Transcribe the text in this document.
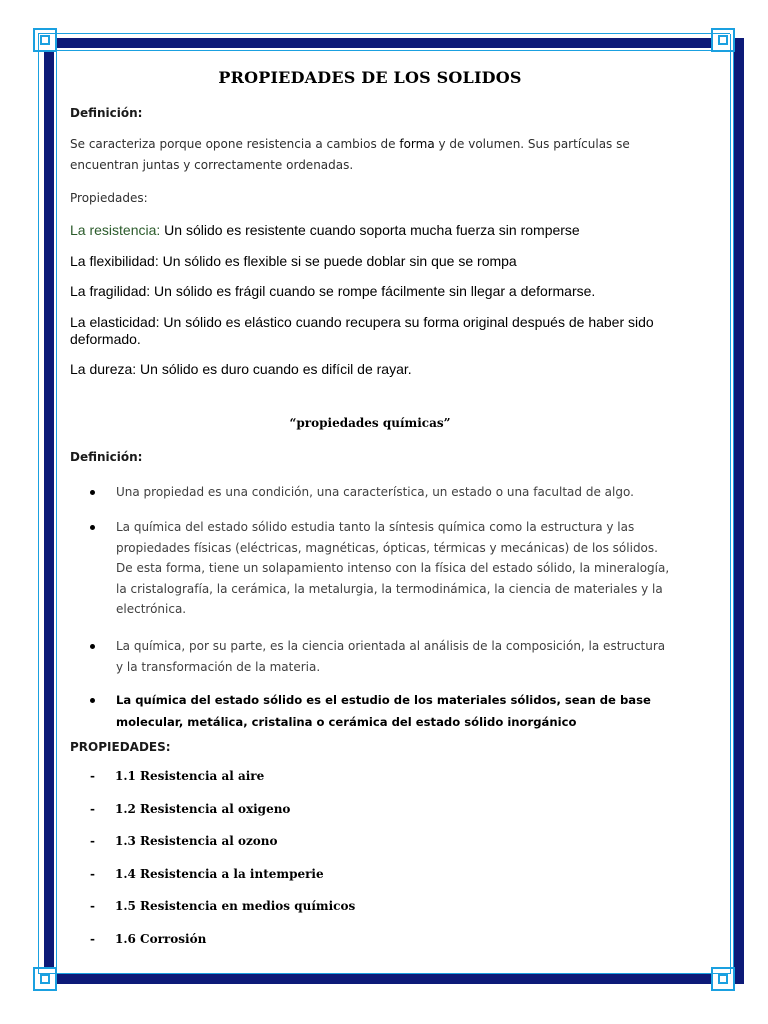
PROPIEDADES DE LOS SOLIDOS
Definición:

Se caracteriza porque opone resistencia a cambios de forma y de volumen. Sus partículas se encuentran juntas y correctamente ordenadas.

Propiedades:
La resistencia: Un sólido es resistente cuando soporta mucha fuerza sin romperse
La flexibilidad: Un sólido es flexible si se puede doblar sin que se rompa
La fragilidad: Un sólido es frágil cuando se rompe fácilmente sin llegar a deformarse.
La elasticidad: Un sólido es elástico cuando recupera su forma original después de haber sido deformado.
La dureza: Un sólido es duro cuando es difícil de rayar.
“propiedades químicas”
Definición:
Una propiedad es una condición, una característica, un estado o una facultad de algo.
La química del estado sólido estudia tanto la síntesis química como la estructura y las propiedades físicas (eléctricas, magnéticas, ópticas, térmicas y mecánicas) de los sólidos. De esta forma, tiene un solapamiento intenso con la física del estado sólido, la mineralogía, la cristalografía, la cerámica, la metalurgia, la termodinámica, la ciencia de materiales y la electrónica.
La química, por su parte, es la ciencia orientada al análisis de la composición, la estructura y la transformación de la materia.
La química del estado sólido es el estudio de los materiales sólidos, sean de base molecular, metálica, cristalina o cerámica del estado sólido inorgánico
PROPIEDADES:
- 1.1 Resistencia al aire
- 1.2 Resistencia al oxigeno
- 1.3 Resistencia al ozono
- 1.4 Resistencia a la intemperie
- 1.5 Resistencia en medios químicos
- 1.6 Corrosión
